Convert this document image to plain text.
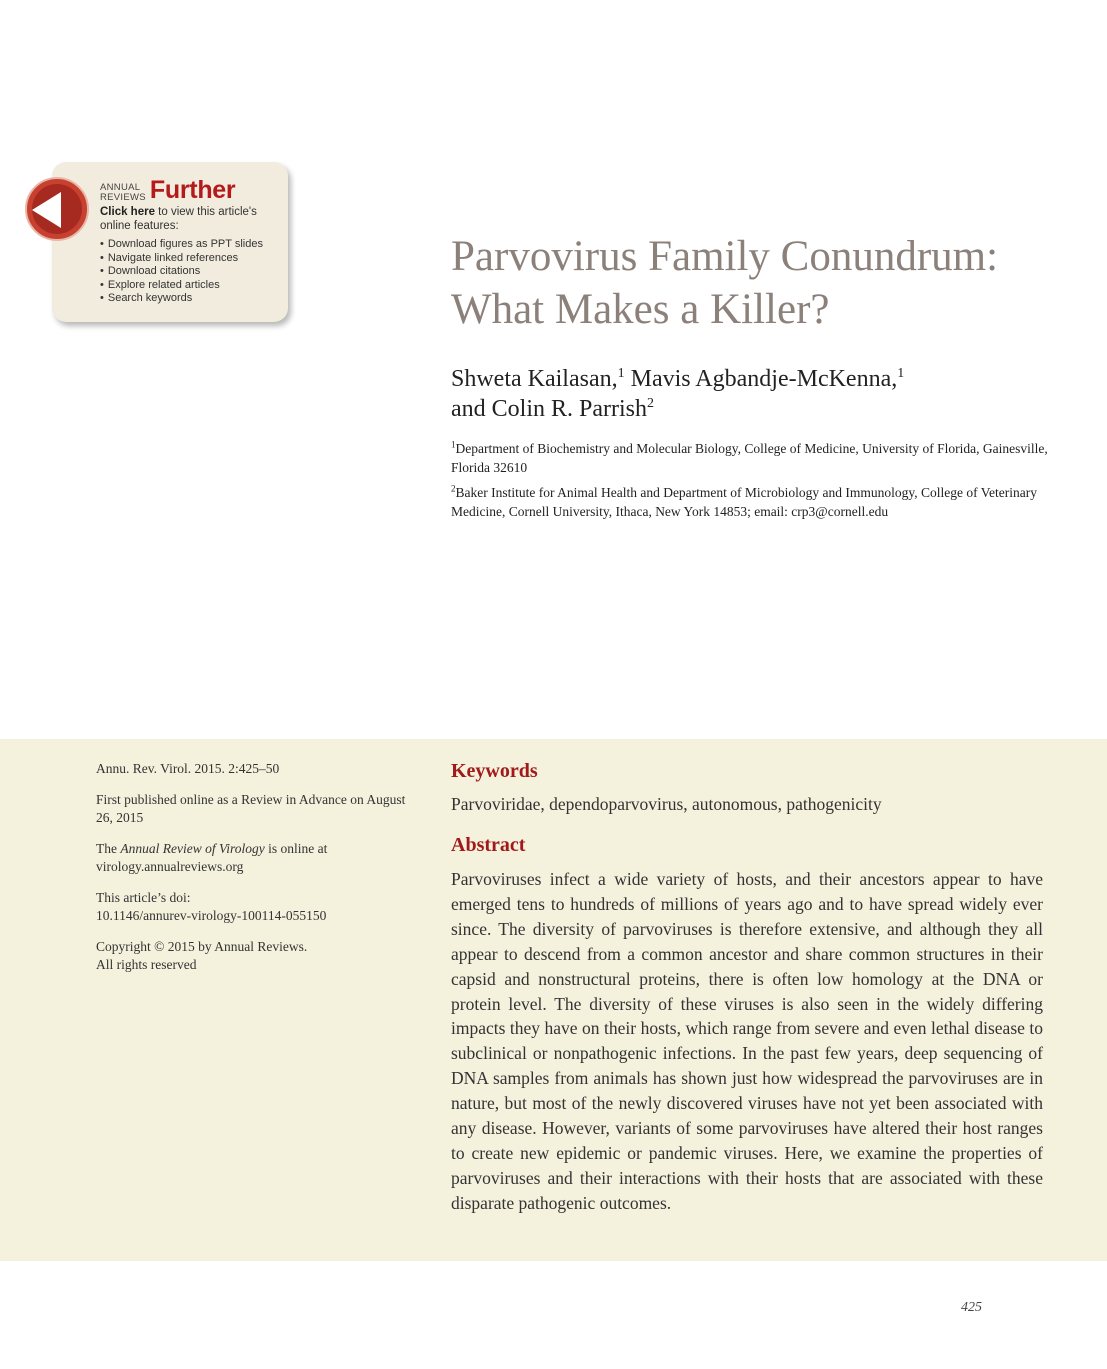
ANNUAL
REVIEWS Further
Click here to view this article's online features:
• Download figures as PPT slides
• Navigate linked references
• Download citations
• Explore related articles
• Search keywords
Parvovirus Family Conundrum:
What Makes a Killer?
Shweta Kailasan,$^1$ Mavis Agbandje-McKenna,$^1$
and Colin R. Parrish$^2$
$^1$Department of Biochemistry and Molecular Biology, College of Medicine, University of Florida, Gainesville, Florida 32610
$^2$Baker Institute for Animal Health and Department of Microbiology and Immunology, College of Veterinary Medicine, Cornell University, Ithaca, New York 14853; email: crp3@cornell.edu

Annu. Rev. Virol. 2015. 2:425–50

First published online as a Review in Advance on August 26, 2015

The Annual Review of Virology is online at virology.annualreviews.org

This article’s doi:
10.1146/annurev-virology-100114-055150

Copyright © 2015 by Annual Reviews.
All rights reserved

Keywords
Parvoviridae, dependoparvovirus, autonomous, pathogenicity
Abstract
Parvoviruses infect a wide variety of hosts, and their ancestors appear to have emerged tens to hundreds of millions of years ago and to have spread widely ever since. The diversity of parvoviruses is therefore extensive, and although they all appear to descend from a common ancestor and share common structures in their capsid and nonstructural proteins, there is often low homology at the DNA or protein level. The diversity of these viruses is also seen in the widely differing impacts they have on their hosts, which range from severe and even lethal disease to subclinical or nonpathogenic infections. In the past few years, deep sequencing of DNA samples from animals has shown just how widespread the parvoviruses are in nature, but most of the newly discovered viruses have not yet been associated with any disease. However, variants of some parvoviruses have altered their host ranges to create new epidemic or pandemic viruses. Here, we examine the properties of parvoviruses and their interactions with their hosts that are associated with these disparate pathogenic outcomes.
425
